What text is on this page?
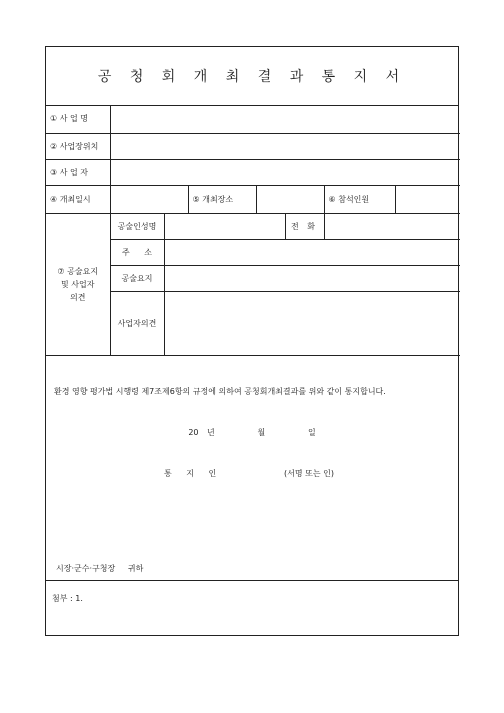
공 청 회 개 최 결 과 통 지 서
① 사 업 명							
② 사업장위치							
③ 사 업 자							
④ 개최일시			⑤ 개최장소			⑥ 참석인원	

⑦ 공술요지
및 사업자
의견	공술인성명				전 화		
	주 소						
	공술요지						
	사업자의견						
환경 영향 평가법 시행령 제7조제6항의 규정에 의하여 공청회개최결과를 위와 같이 통지합니다.
20 년	월	일
통 지 인	(서명 또는 인)
시장·군수·구청장 귀하
첨부 : 1.
